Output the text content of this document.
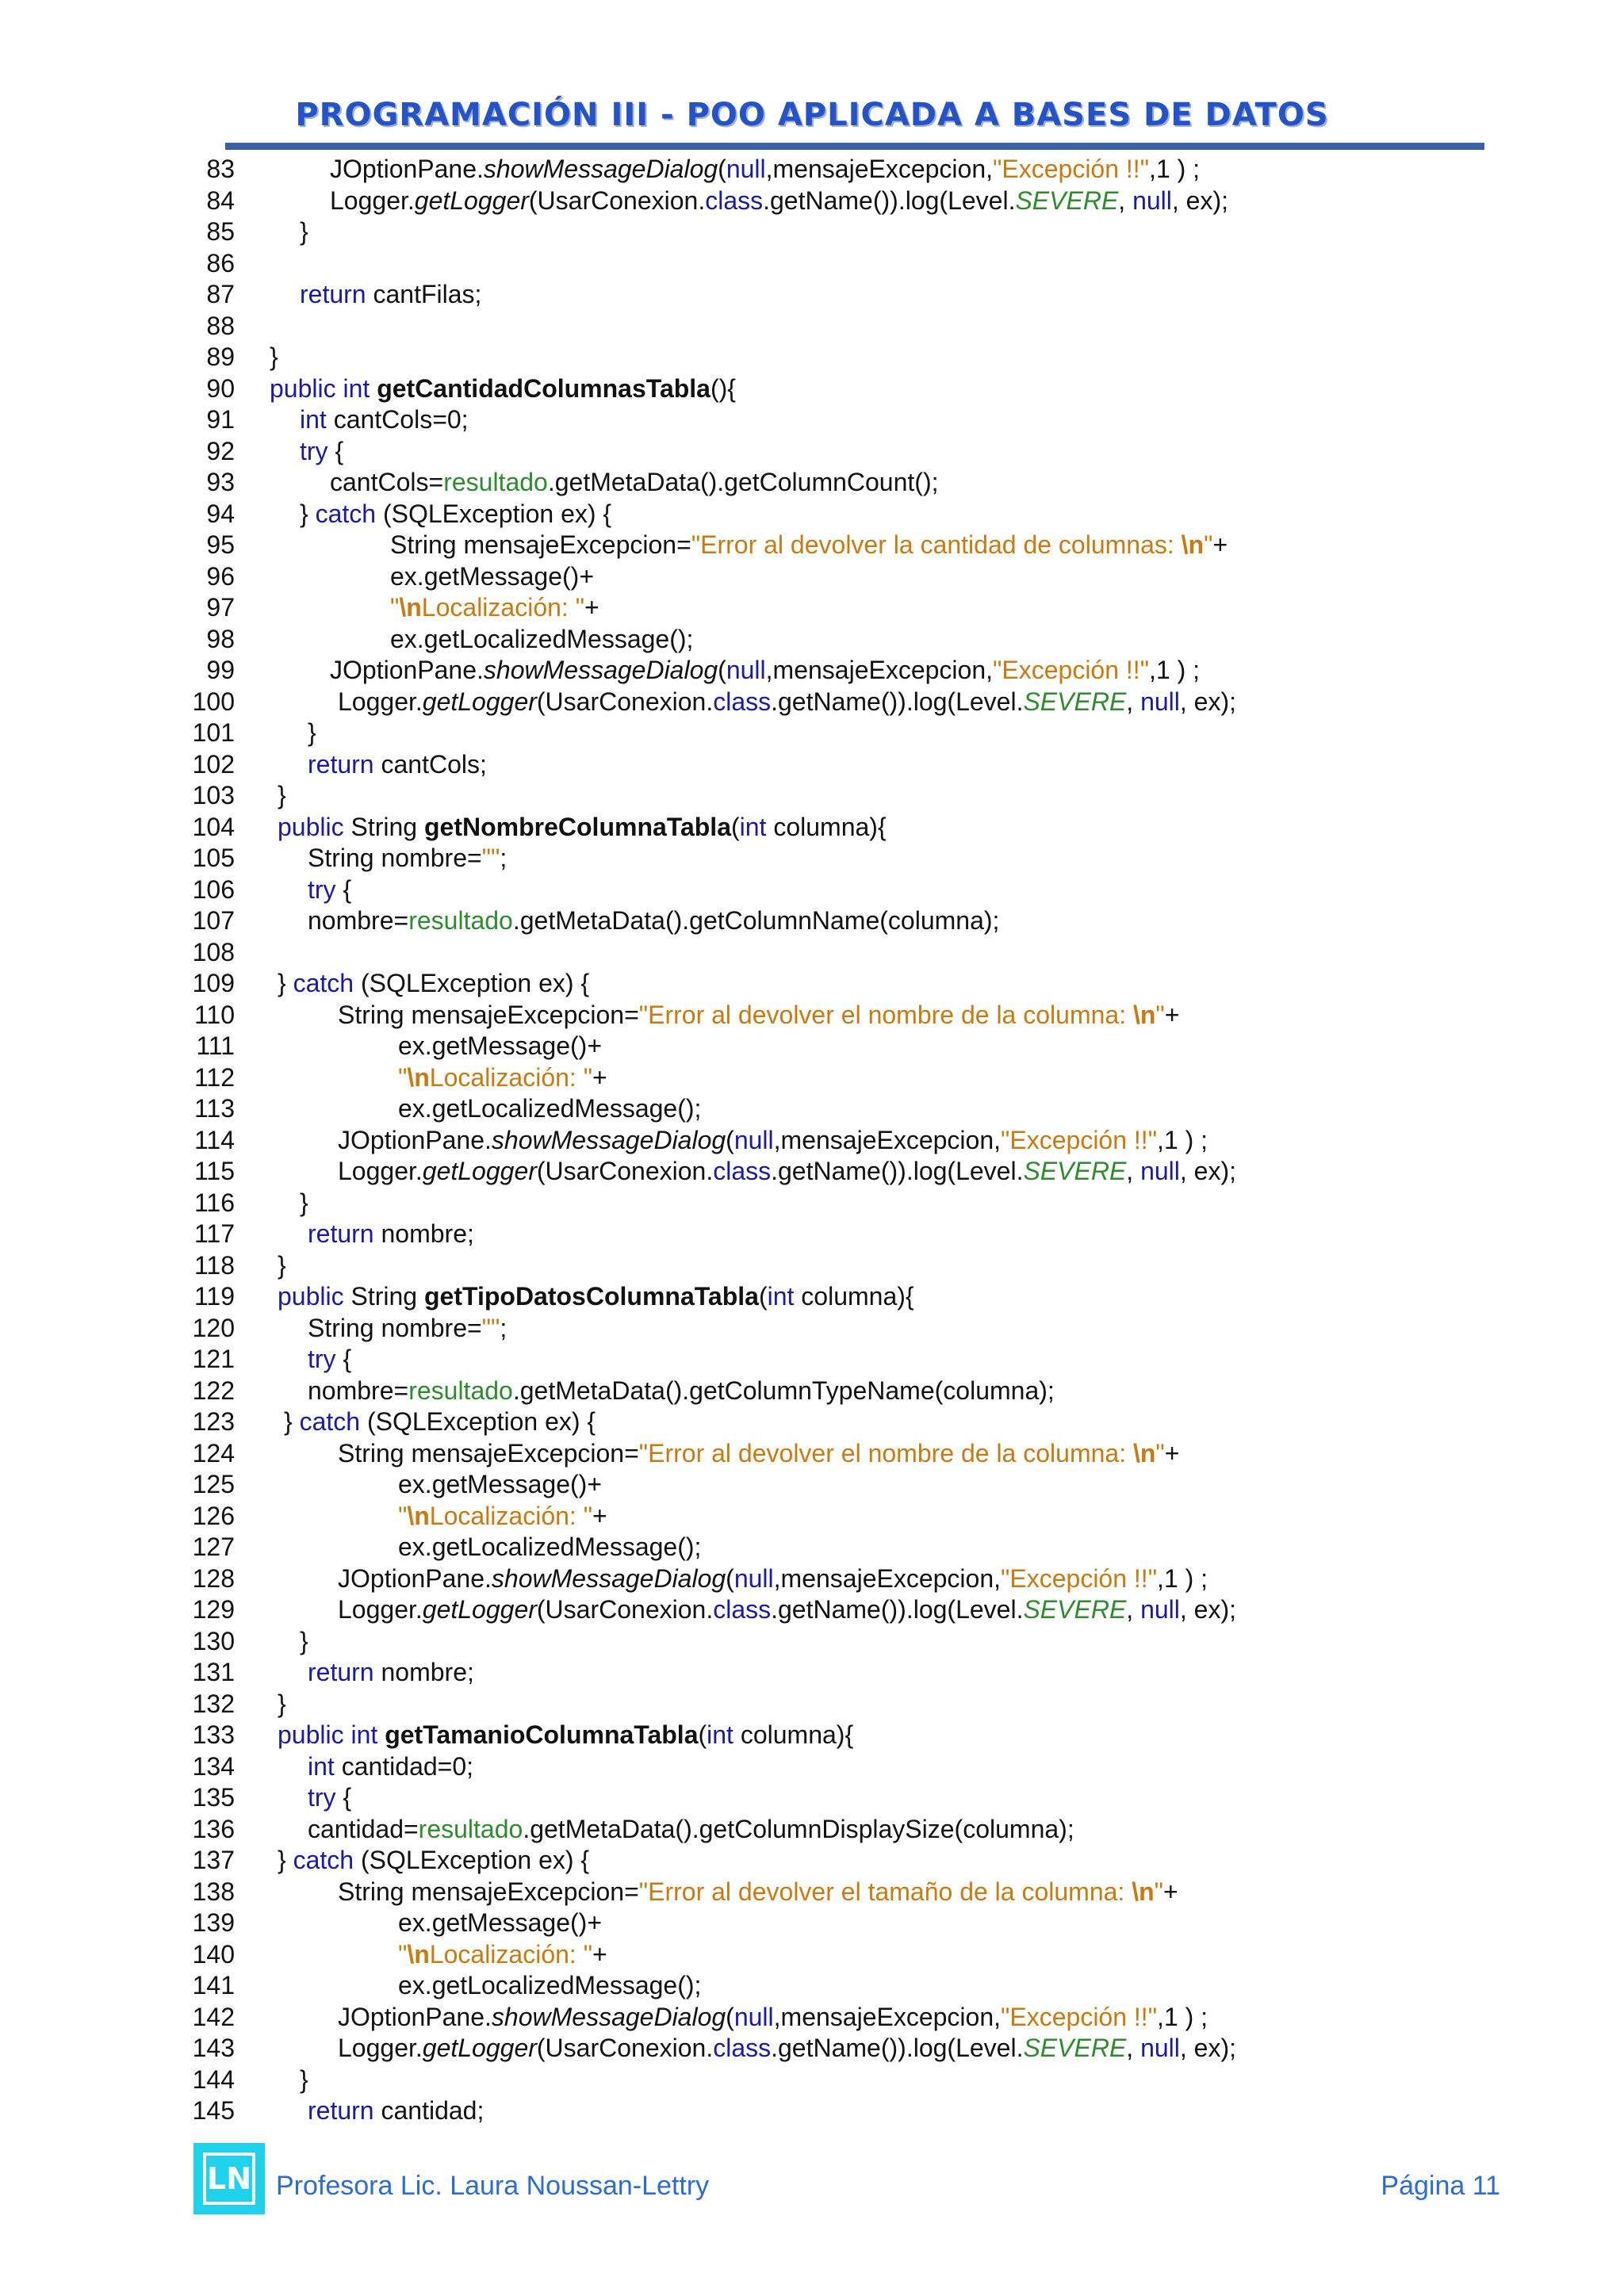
PROGRAMACIÓN III - POO APLICADA A BASES DE DATOS
83	JOptionPane.showMessageDialog(null,mensajeExcepcion,"Excepción !!",1 ) ;
84	Logger.getLogger(UsarConexion.class.getName()).log(Level.SEVERE, null, ex);
85	}
86
87	return cantFilas;
88
89 }
90 public int getCantidadColumnasTabla(){
91	int cantCols=0;
92	try {
93	cantCols=resultado.getMetaData().getColumnCount();
94	} catch (SQLException ex) {
95	String mensajeExcepcion="Error al devolver la cantidad de columnas: \n"+
96	ex.getMessage()+
97	"\nLocalización: "+
98	ex.getLocalizedMessage();
99	JOptionPane.showMessageDialog(null,mensajeExcepcion,"Excepción !!",1 ) ;
100	Logger.getLogger(UsarConexion.class.getName()).log(Level.SEVERE, null, ex);
101	}
102	return cantCols;
103 }
104 public String getNombreColumnaTabla(int columna){
105	String nombre="";
106	try {
107	nombre=resultado.getMetaData().getColumnName(columna);
108
109 } catch (SQLException ex) {
110	String mensajeExcepcion="Error al devolver el nombre de la columna: \n"+
111	ex.getMessage()+
112	"\nLocalización: "+
113	ex.getLocalizedMessage();
114	JOptionPane.showMessageDialog(null,mensajeExcepcion,"Excepción !!",1 ) ;
115	Logger.getLogger(UsarConexion.class.getName()).log(Level.SEVERE, null, ex);
116	}
117	return nombre;
118 }
119 public String getTipoDatosColumnaTabla(int columna){
120	String nombre="";
121	try {
122	nombre=resultado.getMetaData().getColumnTypeName(columna);
123 } catch (SQLException ex) {
124	String mensajeExcepcion="Error al devolver el nombre de la columna: \n"+
125	ex.getMessage()+
126	"\nLocalización: "+
127	ex.getLocalizedMessage();
128	JOptionPane.showMessageDialog(null,mensajeExcepcion,"Excepción !!",1 ) ;
129	Logger.getLogger(UsarConexion.class.getName()).log(Level.SEVERE, null, ex);
130	}
131	return nombre;
132 }
133 public int getTamanioColumnaTabla(int columna){
134	int cantidad=0;
135	try {
136	cantidad=resultado.getMetaData().getColumnDisplaySize(columna);
137 } catch (SQLException ex) {
138	String mensajeExcepcion="Error al devolver el tamaño de la columna: \n"+
139	ex.getMessage()+
140	"\nLocalización: "+
141	ex.getLocalizedMessage();
142	JOptionPane.showMessageDialog(null,mensajeExcepcion,"Excepción !!",1 ) ;
143	Logger.getLogger(UsarConexion.class.getName()).log(Level.SEVERE, null, ex);
144	}
145	return cantidad;
LN Profesora Lic. Laura Noussan-Lettry	Página 11
